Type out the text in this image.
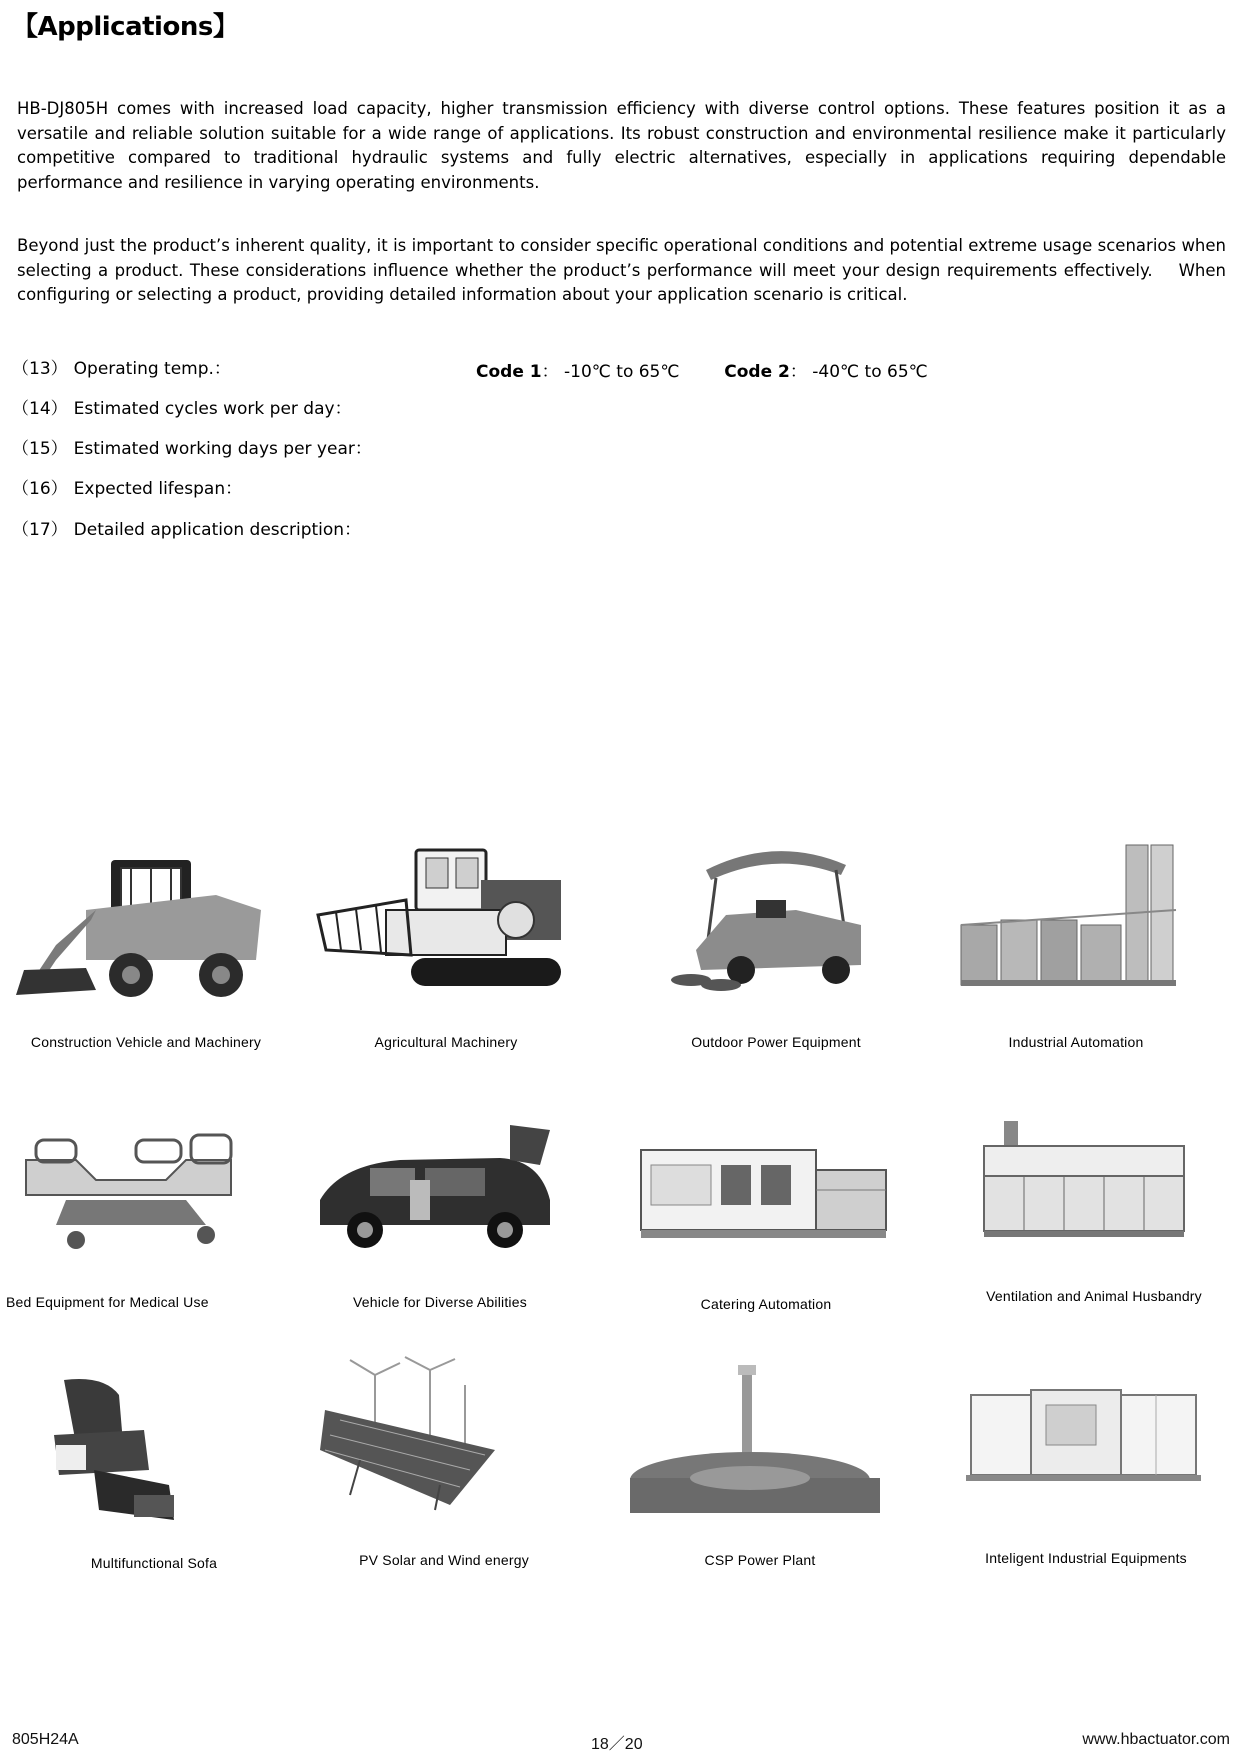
【Applications】

HB-DJ805H comes with increased load capacity, higher transmission efficiency with diverse control options. These features position it as a versatile and reliable solution suitable for a wide range of applications. Its robust construction and environmental resilience make it particularly competitive compared to traditional hydraulic systems and fully electric alternatives, especially in applications requiring dependable performance and resilience in varying operating environments.

Beyond just the product’s inherent quality, it is important to consider specific operational conditions and potential extreme usage scenarios when selecting a product. These considerations influence whether the product’s performance will meet your design requirements effectively.    When configuring or selecting a product, providing detailed information about your application scenario is critical.

（13） Operating temp.：
（14） Estimated cycles work per day：
（15） Estimated working days per year：
（16） Expected lifespan：
（17） Detailed application description：
Code 1： -10℃ to 65℃	Code 2： -40℃ to 65℃
Construction Vehicle and Machinery	Agricultural Machinery	Outdoor Power Equipment	Industrial Automation
Bed Equipment for Medical Use	Vehicle for Diverse Abilities	Catering Automation	Ventilation and Animal Husbandry
Multifunctional Sofa	PV Solar and Wind energy	CSP Power Plant	Inteligent Industrial Equipments
805H24A	18／20	www.hbactuator.com
